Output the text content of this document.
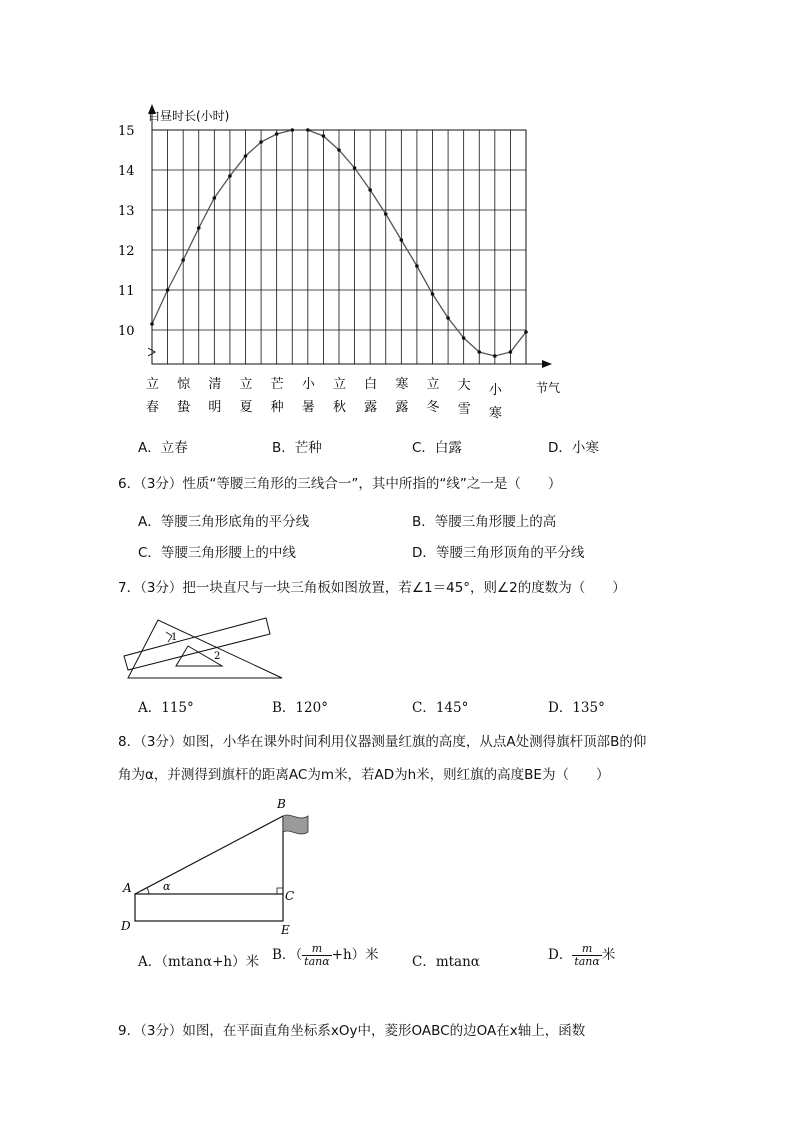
白昼时长(小时)
15
14
13
12
11
10
立
春
惊
蛰
清
明
立
夏
芒
种
小
暑
立
秋
白
露
寒
露
立
冬
大
雪
小
寒
节气
A．立春	B．芒种	C．白露	D．小寒
6．（3分）性质“等腰三角形的三线合一”，其中所指的“线”之一是（　　）
A．等腰三角形底角的平分线	B．等腰三角形腰上的高
C．等腰三角形腰上的中线	D．等腰三角形顶角的平分线
7．（3分）把一块直尺与一块三角板如图放置，若∠1＝45°，则∠2的度数为（　　）
1
2
A．115°	B．120°	C．145°	D．135°
8．（3分）如图，小华在课外时间利用仪器测量红旗的高度，从点A处测得旗杆顶部B的仰
角为α，并测得到旗杆的距离AC为m米，若AD为h米，则红旗的高度BE为（　　）
B
A	α
C
D	E
A．（mtanα+h）米 B．（ $\frac{m}{\tan\alpha} +h$）米 C．mtanα	D． $\frac{m}{\tan\alpha}$ 米
9．（3分）如图，在平面直角坐标系xOy中，菱形OABC的边OA在x轴上，函数
